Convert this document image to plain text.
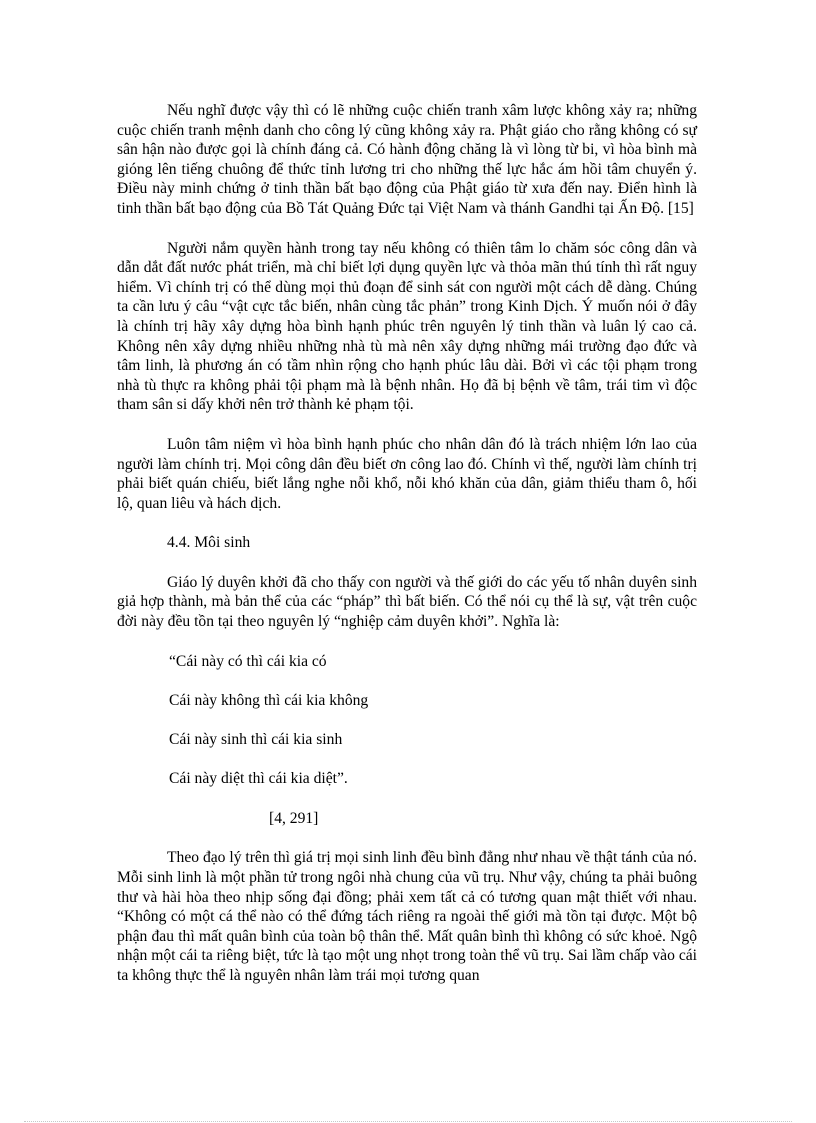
Nếu nghĩ được vậy thì có lẽ những cuộc chiến tranh xâm lược không xảy ra; những cuộc chiến tranh mệnh danh cho công lý cũng không xảy ra. Phật giáo cho rằng không có sự sân hận nào được gọi là chính đáng cả. Có hành động chăng là vì lòng từ bi, vì hòa bình mà gióng lên tiếng chuông để thức tỉnh lương tri cho những thế lực hắc ám hồi tâm chuyển ý. Điều này minh chứng ở tinh thần bất bạo động của Phật giáo từ xưa đến nay. Điển hình là tinh thần bất bạo động của Bồ Tát Quảng Đức tại Việt Nam và thánh Gandhi tại Ấn Độ. [15]

Người nắm quyền hành trong tay nếu không có thiên tâm lo chăm sóc công dân và dẫn dắt đất nước phát triển, mà chỉ biết lợi dụng quyền lực và thỏa mãn thú tính thì rất nguy hiểm. Vì chính trị có thể dùng mọi thủ đoạn để sinh sát con người một cách dễ dàng. Chúng ta cần lưu ý câu “vật cực tắc biến, nhân cùng tắc phản” trong Kinh Dịch. Ý muốn nói ở đây là chính trị hãy xây dựng hòa bình hạnh phúc trên nguyên lý tinh thần và luân lý cao cả. Không nên xây dựng nhiều những nhà tù mà nên xây dựng những mái trường đạo đức và tâm linh, là phương án có tầm nhìn rộng cho hạnh phúc lâu dài. Bởi vì các tội phạm trong nhà tù thực ra không phải tội phạm mà là bệnh nhân. Họ đã bị bệnh về tâm, trái tim vì độc tham sân si dấy khởi nên trở thành kẻ phạm tội.

Luôn tâm niệm vì hòa bình hạnh phúc cho nhân dân đó là trách nhiệm lớn lao của người làm chính trị. Mọi công dân đều biết ơn công lao đó. Chính vì thế, người làm chính trị phải biết quán chiếu, biết lắng nghe nỗi khổ, nỗi khó khăn của dân, giảm thiểu tham ô, hối lộ, quan liêu và hách dịch.

4.4. Môi sinh

Giáo lý duyên khởi đã cho thấy con người và thế giới do các yếu tố nhân duyên sinh giả hợp thành, mà bản thể của các “pháp” thì bất biến. Có thể nói cụ thể là sự, vật trên cuộc đời này đều tồn tại theo nguyên lý “nghiệp cảm duyên khởi”. Nghĩa là:

“Cái này có thì cái kia có

Cái này không thì cái kia không

Cái này sinh thì cái kia sinh

Cái này diệt thì cái kia diệt”.

[4, 291]

Theo đạo lý trên thì giá trị mọi sinh linh đều bình đẳng như nhau về thật tánh của nó. Mỗi sinh linh là một phần tử trong ngôi nhà chung của vũ trụ. Như vậy, chúng ta phải buông thư và hài hòa theo nhịp sống đại đồng; phải xem tất cả có tương quan mật thiết với nhau. “Không có một cá thể nào có thể đứng tách riêng ra ngoài thế giới mà tồn tại được. Một bộ phận đau thì mất quân bình của toàn bộ thân thể. Mất quân bình thì không có sức khoẻ. Ngộ nhận một cái ta riêng biệt, tức là tạo một ung nhọt trong toàn thể vũ trụ. Sai lầm chấp vào cái ta không thực thể là nguyên nhân làm trái mọi tương quan
